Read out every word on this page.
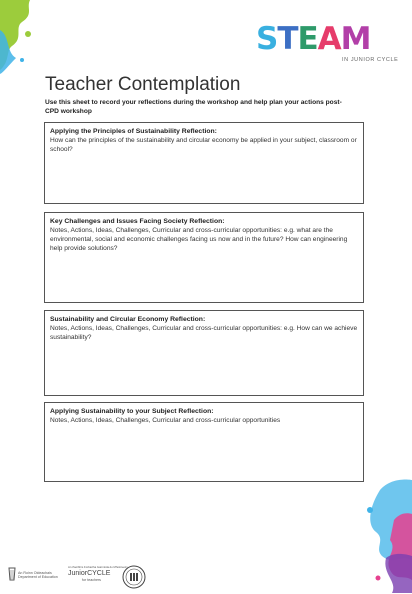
STEAM
IN JUNIOR CYCLE
Teacher Contemplation
Use this sheet to record your reflections during the workshop and help plan your actions post-CPD workshop
Applying the Principles of Sustainability Reflection:
How can the principles of the sustainability and circular economy be applied in your subject, classroom or school?
Key Challenges and Issues Facing Society Reflection:
Notes, Actions, Ideas, Challenges, Curricular and cross-curricular opportunities: e.g. what are the environmental, social and economic challenges facing us now and in the future? How can engineering help provide solutions?
Sustainability and Circular Economy Reflection:
Notes, Actions, Ideas, Challenges, Curricular and cross-curricular opportunities: e.g. How can we achieve sustainability?
Applying Sustainability to your Subject Reflection:
Notes, Actions, Ideas, Challenges, Curricular and cross-curricular opportunities
An Roinn Oideachais
Department of Education
An tSeirbhís Forbartha Gairmiúla do Mhúinteoirí
JuniorCYCLE
for teachers
